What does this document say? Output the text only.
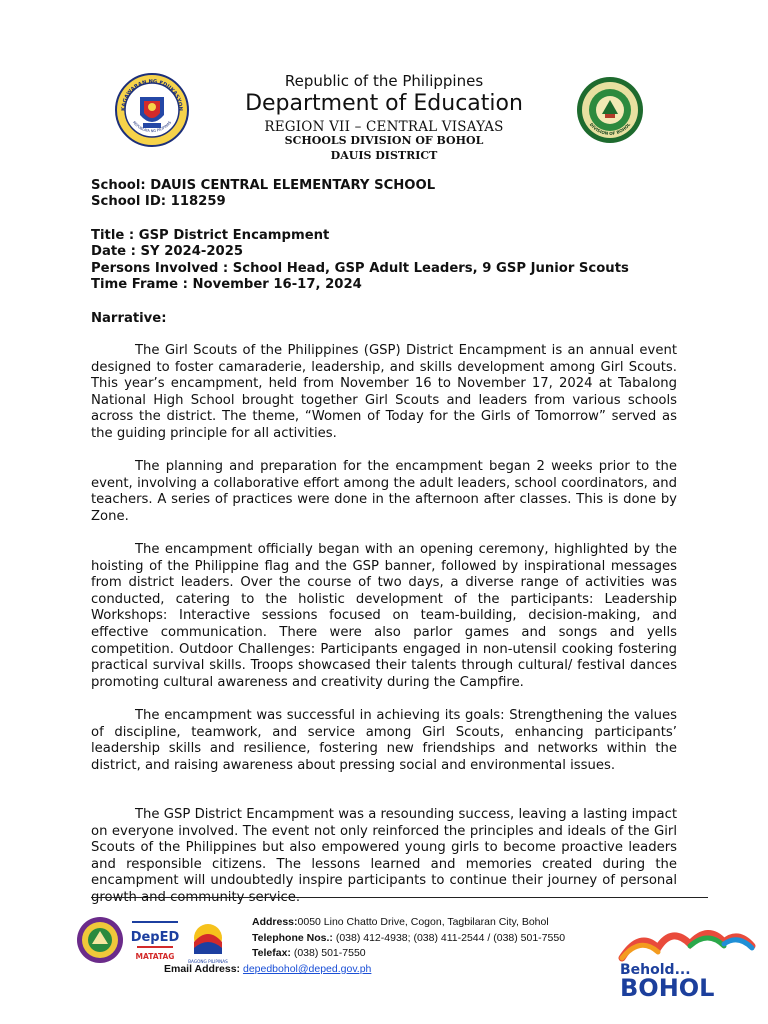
KAGAWARAN NG EDUKASYON
REPUBLIKA NG PILIPINAS	DIVISION OF BOHOL
Republic of the Philippines
Department of Education
REGION VII – CENTRAL VISAYAS
SCHOOLS DIVISION OF BOHOL
DAUIS DISTRICT
School: DAUIS CENTRAL ELEMENTARY SCHOOL
School ID: 118259
Title : GSP District Encampment
Date : SY 2024-2025
Persons Involved : School Head, GSP Adult Leaders, 9 GSP Junior Scouts
Time Frame : November 16-17, 2024
Narrative:

The Girl Scouts of the Philippines (GSP) District Encampment is an annual event designed to foster camaraderie, leadership, and skills development among Girl Scouts. This year’s encampment, held from November 16 to November 17, 2024 at Tabalong National High School brought together Girl Scouts and leaders from various schools across the district. The theme, “Women of Today for the Girls of Tomorrow” served as the guiding principle for all activities.

The planning and preparation for the encampment began 2 weeks prior to the event, involving a collaborative effort among the adult leaders, school coordinators, and teachers. A series of practices were done in the afternoon after classes. This is done by Zone.

The encampment officially began with an opening ceremony, highlighted by the hoisting of the Philippine flag and the GSP banner, followed by inspirational messages from district leaders. Over the course of two days, a diverse range of activities was conducted, catering to the holistic development of the participants: Leadership Workshops: Interactive sessions focused on team-building, decision-making, and effective communication. There were also parlor games and songs and yells competition. Outdoor Challenges: Participants engaged in non-utensil cooking fostering practical survival skills. Troops showcased their talents through cultural/ festival dances promoting cultural awareness and creativity during the Campfire.

The encampment was successful in achieving its goals: Strengthening the values of discipline, teamwork, and service among Girl Scouts, enhancing participants’ leadership skills and resilience, fostering new friendships and networks within the district, and raising awareness about pressing social and environmental issues.

The GSP District Encampment was a resounding success, leaving a lasting impact on everyone involved. The event not only reinforced the principles and ideals of the Girl Scouts of the Philippines but also empowered young girls to become proactive leaders and responsible citizens. The lessons learned and memories created during the encampment will undoubtedly inspire participants to continue their journey of personal growth and community service.

DepED
MATATAG
BAGONG PILIPINAS
Address:0050 Lino Chatto Drive, Cogon, Tagbilaran City, Bohol
Telephone Nos.: (038) 412-4938; (038) 411-2544 / (038) 501-7550
Telefax: (038) 501-7550
Email Address: depedbohol@deped.gov.ph	Behold...
BOHOL
